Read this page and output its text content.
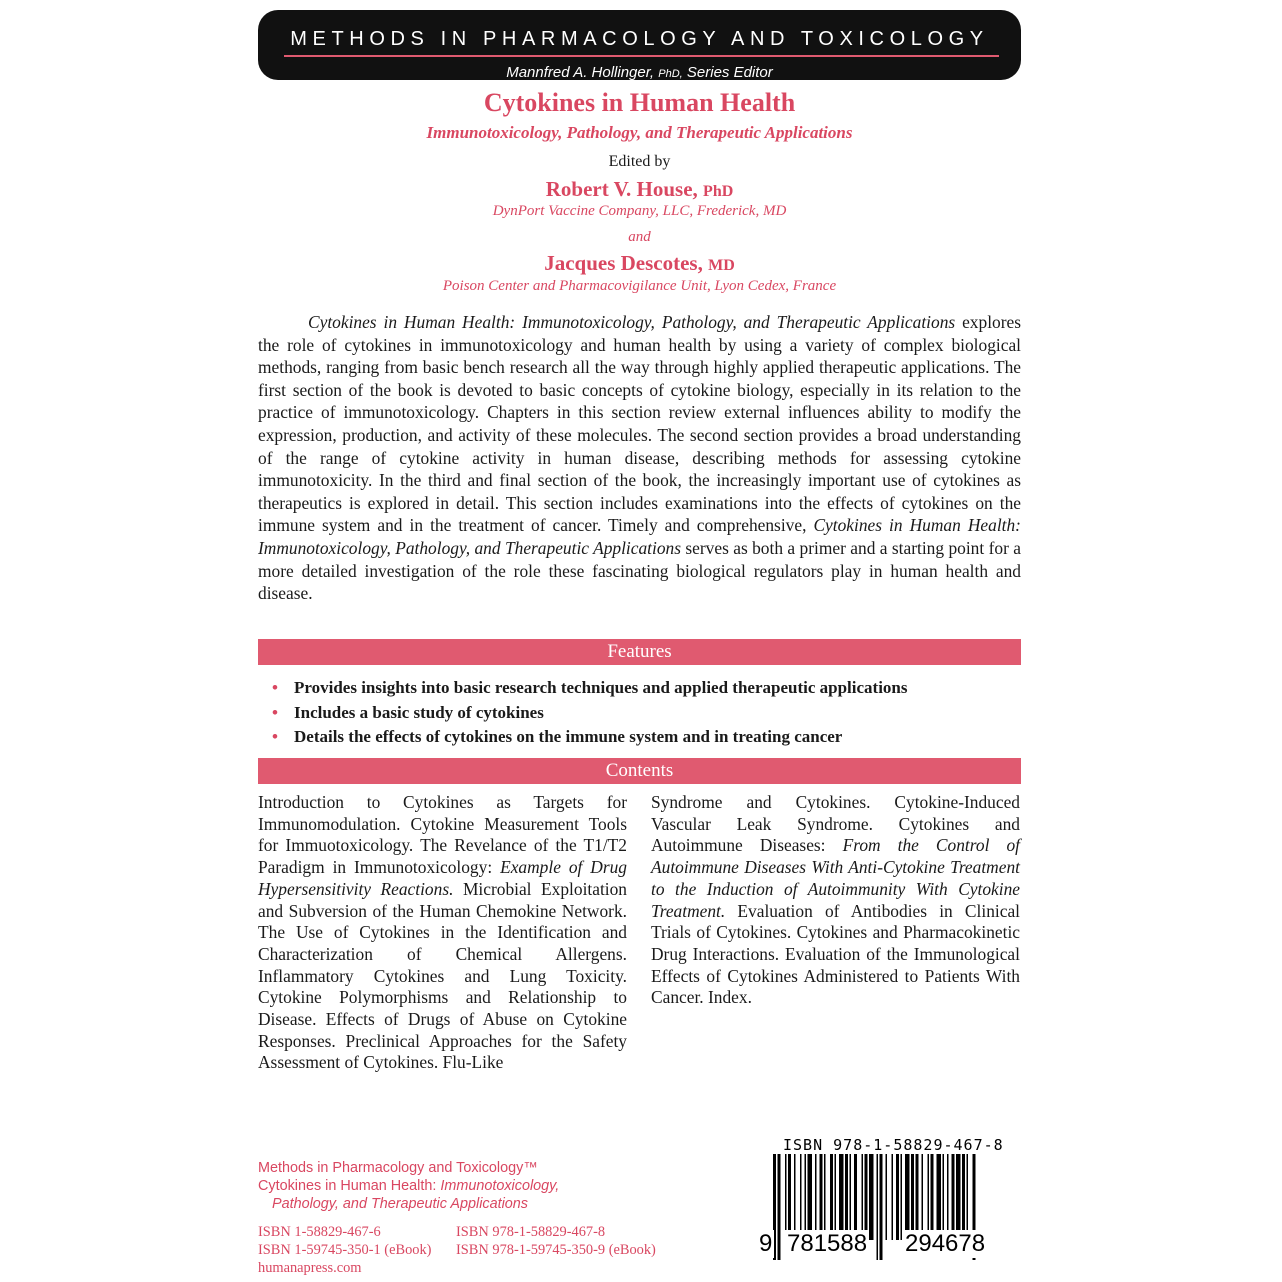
METHODS IN PHARMACOLOGY AND TOXICOLOGY
Mannfred A. Hollinger, PhD, Series Editor
Cytokines in Human Health
Immunotoxicology, Pathology, and Therapeutic Applications
Edited by
Robert V. House, PhD
DynPort Vaccine Company, LLC, Frederick, MD
and
Jacques Descotes, MD
Poison Center and Pharmacovigilance Unit, Lyon Cedex, France

Cytokines in Human Health: Immunotoxicology, Pathology, and Therapeutic Applications explores the role of cytokines in immunotoxicology and human health by using a variety of complex biological methods, ranging from basic bench research all the way through highly applied therapeutic applications. The first section of the book is devoted to basic concepts of cytokine biology, especially in its relation to the practice of immunotoxicology. Chapters in this section review external influences ability to modify the expression, production, and activity of these molecules. The second section provides a broad understanding of the range of cytokine activity in human disease, describing methods for assessing cytokine immunotoxicity. In the third and final section of the book, the increasingly important use of cytokines as therapeutics is explored in detail. This section includes examinations into the effects of cytokines on the immune system and in the treatment of cancer. Timely and comprehensive, Cytokines in Human Health: Immunotoxicology, Pathology, and Therapeutic Applications serves as both a primer and a starting point for a more detailed investigation of the role these fascinating biological regulators play in human health and disease.

Features
• Provides insights into basic research techniques and applied therapeutic applications
• Includes a basic study of cytokines
• Details the effects of cytokines on the immune system and in treating cancer
Contents
Introduction to Cytokines as Targets for Immunomodulation. Cytokine Measurement Tools for Immuotoxicology. The Revelance of the T1/T2 Paradigm in Immunotoxicology: Example of Drug Hypersensitivity Reactions. Microbial Exploitation and Subversion of the Human Chemokine Network. The Use of Cytokines in the Identification and Characterization of Chemical Allergens. Inflammatory Cytokines and Lung Toxicity. Cytokine Polymorphisms and Relationship to Disease. Effects of Drugs of Abuse on Cytokine Responses. Preclinical Approaches for the Safety Assessment of Cytokines. Flu-Like
Syndrome and Cytokines. Cytokine-Induced Vascular Leak Syndrome. Cytokines and Autoimmune Diseases: From the Control of Autoimmune Diseases With Anti-Cytokine Treatment to the Induction of Autoimmunity With Cytokine Treatment. Evaluation of Antibodies in Clinical Trials of Cytokines. Cytokines and Pharmacokinetic Drug Interactions. Evaluation of the Immunological Effects of Cytokines Administered to Patients With Cancer. Index.
Methods in Pharmacology and Toxicology™
Cytokines in Human Health: Immunotoxicology,
Pathology, and Therapeutic Applications
ISBN 1-58829-467-6	ISBN 978-1-58829-467-8
ISBN 1-59745-350-1 (eBook)	ISBN 978-1-59745-350-9 (eBook)
humanapress.com
ISBN 978-1-58829-467-8
9 781588 294678
